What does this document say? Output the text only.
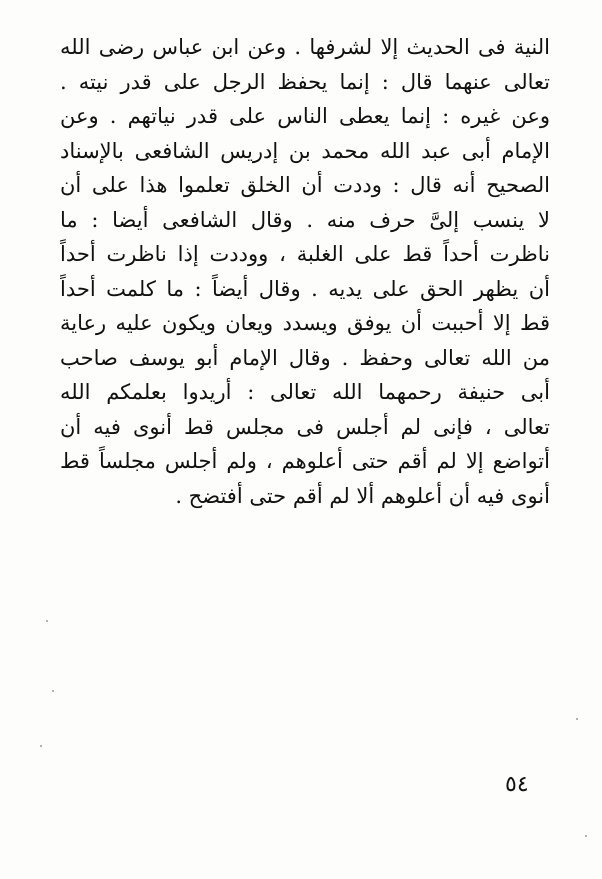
النية فى الحديث إلا لشرفها . وعن ابن عباس رضى الله
تعالى عنهما قال : إنما يحفظ الرجل على قدر نيته .
وعن غيره : إنما يعطى الناس على قدر نياتهم . وعن
الإمام أبى عبد الله محمد بن إدريس الشافعى بالإسناد
الصحيح أنه قال : وددت أن الخلق تعلموا هذا على أن
لا ينسب إلىَّ حرف منه . وقال الشافعى أيضا : ما
ناظرت أحداً قط على الغلبة ، ووددت إذا ناظرت أحداً
أن يظهر الحق على يديه . وقال أيضاً : ما كلمت أحداً
قط إلا أحببت أن يوفق ويسدد ويعان ويكون عليه رعاية
من الله تعالى وحفظ . وقال الإمام أبو يوسف صاحب
أبى حنيفة رحمهما الله تعالى : أريدوا بعلمكم الله
تعالى ، فإنى لم أجلس فى مجلس قط أنوى فيه أن
أتواضع إلا لم أقم حتى أعلوهم ، ولم أجلس مجلساً قط
أنوى فيه أن أعلوهم ألا لم أقم حتى أفتضح .
٥٤
